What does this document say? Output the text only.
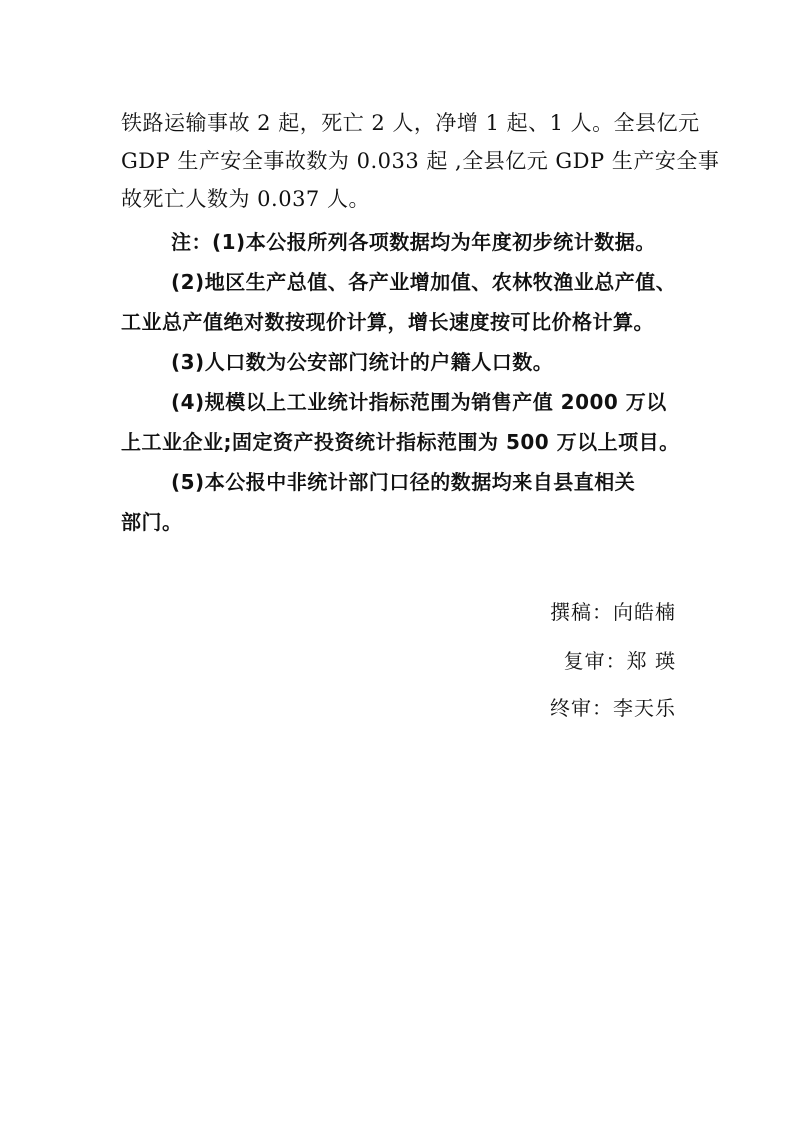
铁路运输事故 2 起，死亡 2 人，净增 1 起、1 人。全县亿元
GDP 生产安全事故数为 0.033 起 ,全县亿元 GDP 生产安全事
故死亡人数为 0.037 人。
注：(1)本公报所列各项数据均为年度初步统计数据。
(2)地区生产总值、各产业增加值、农林牧渔业总产值、
工业总产值绝对数按现价计算，增长速度按可比价格计算。
(3)人口数为公安部门统计的户籍人口数。
(4)规模以上工业统计指标范围为销售产值 2000 万以
上工业企业;固定资产投资统计指标范围为 500 万以上项目。
(5)本公报中非统计部门口径的数据均来自县直相关
部门。
撰稿：向皓楠
复审：郑 瑛
终审：李天乐
